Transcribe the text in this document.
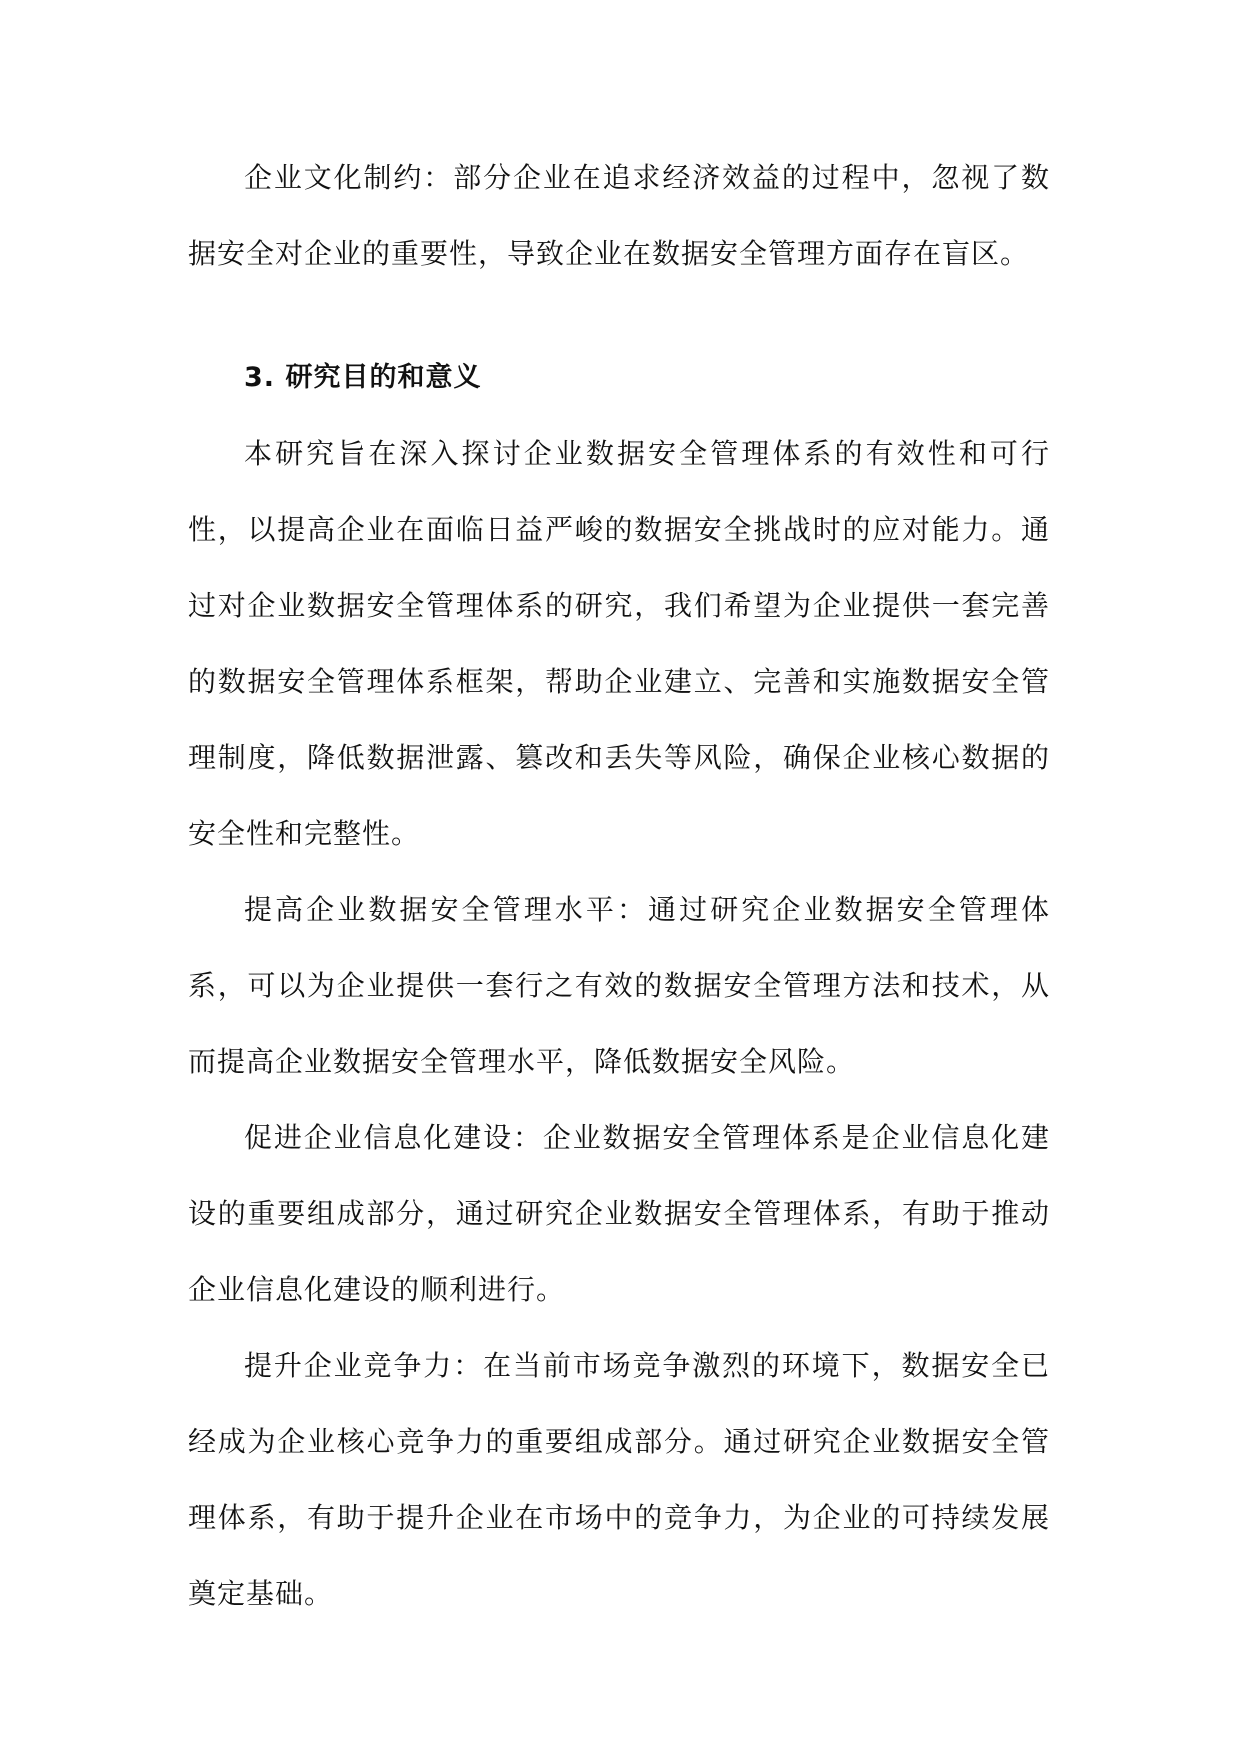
企业文化制约：部分企业在追求经济效益的过程中，忽视了数据安全对企业的重要性，导致企业在数据安全管理方面存在盲区。

3. 研究目的和意义

本研究旨在深入探讨企业数据安全管理体系的有效性和可行性，以提高企业在面临日益严峻的数据安全挑战时的应对能力。通过对企业数据安全管理体系的研究，我们希望为企业提供一套完善的数据安全管理体系框架，帮助企业建立、完善和实施数据安全管理制度，降低数据泄露、篡改和丢失等风险，确保企业核心数据的安全性和完整性。

提高企业数据安全管理水平：通过研究企业数据安全管理体系，可以为企业提供一套行之有效的数据安全管理方法和技术，从而提高企业数据安全管理水平，降低数据安全风险。

促进企业信息化建设：企业数据安全管理体系是企业信息化建设的重要组成部分，通过研究企业数据安全管理体系，有助于推动企业信息化建设的顺利进行。

提升企业竞争力：在当前市场竞争激烈的环境下，数据安全已经成为企业核心竞争力的重要组成部分。通过研究企业数据安全管理体系，有助于提升企业在市场中的竞争力，为企业的可持续发展奠定基础。
